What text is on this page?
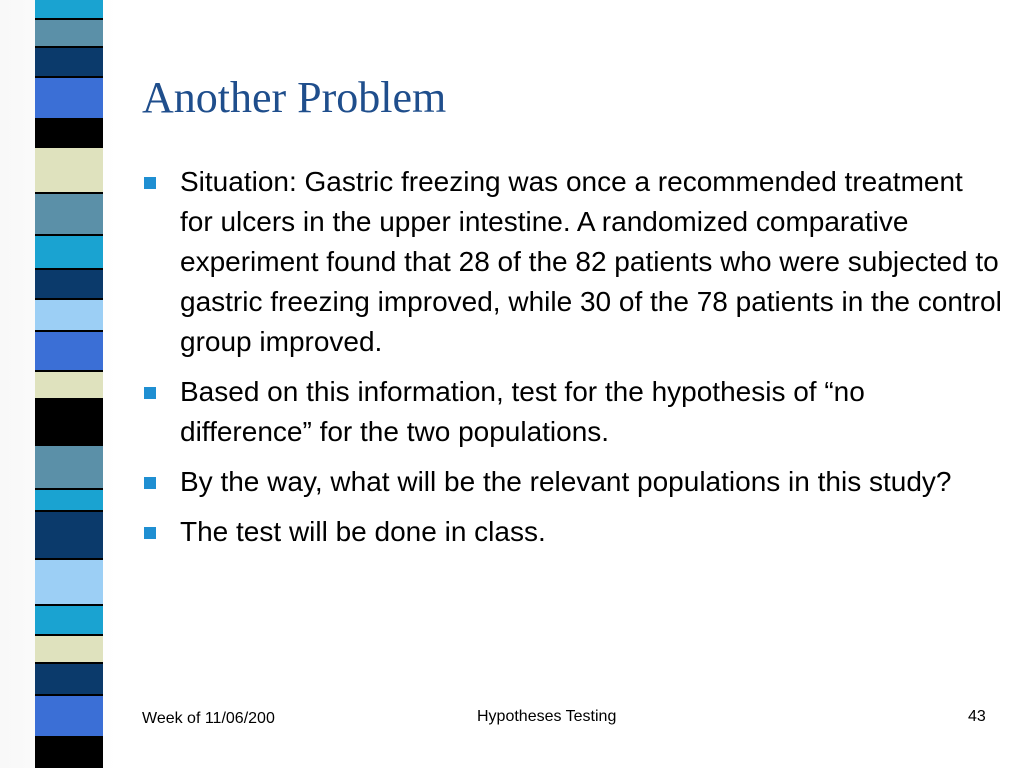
Another Problem
Situation: Gastric freezing was once a recommended treatment for ulcers in the upper intestine. A randomized comparative experiment found that 28 of the 82 patients who were subjected to gastric freezing improved, while 30 of the 78 patients in the control group improved.
Based on this information, test for the hypothesis of “no difference” for the two populations.
By the way, what will be the relevant populations in this study?
The test will be done in class.
Week of 11/06/200	Hypotheses Testing	43
